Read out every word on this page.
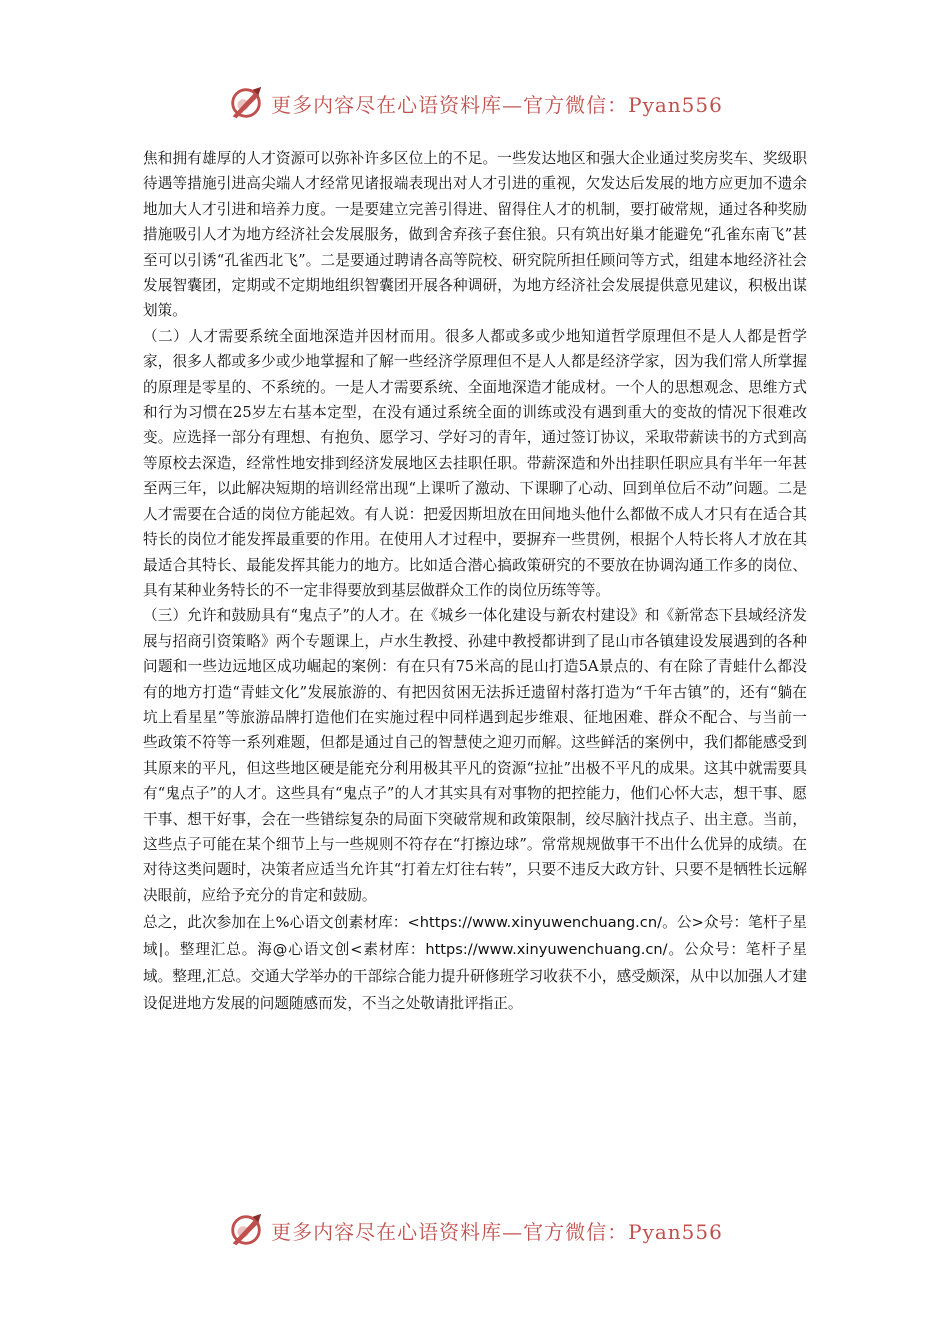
更多内容尽在心语资料库—官方微信：Pyan556

焦和拥有雄厚的人才资源可以弥补许多区位上的不足。一些发达地区和强大企业通过奖房奖车、奖级职待遇等措施引进高尖端人才经常见诸报端表现出对人才引进的重视，欠发达后发展的地方应更加不遗余地加大人才引进和培养力度。一是要建立完善引得进、留得住人才的机制，要打破常规，通过各种奖励措施吸引人才为地方经济社会发展服务，做到舍弃孩子套住狼。只有筑出好巢才能避免“孔雀东南飞”甚至可以引诱“孔雀西北飞”。二是要通过聘请各高等院校、研究院所担任顾问等方式，组建本地经济社会发展智囊团，定期或不定期地组织智囊团开展各种调研，为地方经济社会发展提供意见建议，积极出谋划策。

（二）人才需要系统全面地深造并因材而用。很多人都或多或少地知道哲学原理但不是人人都是哲学家，很多人都或多少或少地掌握和了解一些经济学原理但不是人人都是经济学家，因为我们常人所掌握的原理是零星的、不系统的。一是人才需要系统、全面地深造才能成材。一个人的思想观念、思维方式和行为习惯在25岁左右基本定型，在没有通过系统全面的训练或没有遇到重大的变故的情况下很难改变。应选择一部分有理想、有抱负、愿学习、学好习的青年，通过签订协议，采取带薪读书的方式到高等原校去深造，经常性地安排到经济发展地区去挂职任职。带薪深造和外出挂职任职应具有半年一年甚至两三年，以此解决短期的培训经常出现“上课听了激动、下课聊了心动、回到单位后不动”问题。二是人才需要在合适的岗位方能起效。有人说：把爱因斯坦放在田间地头他什么都做不成人才只有在适合其特长的岗位才能发挥最重要的作用。在使用人才过程中，要摒弃一些贯例，根据个人特长将人才放在其最适合其特长、最能发挥其能力的地方。比如适合潜心搞政策研究的不要放在协调沟通工作多的岗位、具有某种业务特长的不一定非得要放到基层做群众工作的岗位历练等等。

（三）允许和鼓励具有“鬼点子”的人才。在《城乡一体化建设与新农村建设》和《新常态下县域经济发展与招商引资策略》两个专题课上，卢水生教授、孙建中教授都讲到了昆山市各镇建设发展遇到的各种问题和一些边远地区成功崛起的案例：有在只有75米高的昆山打造5A景点的、有在除了青蛙什么都没有的地方打造“青蛙文化”发展旅游的、有把因贫困无法拆迁遗留村落打造为“千年古镇”的，还有“躺在坑上看星星”等旅游品牌打造他们在实施过程中同样遇到起步维艰、征地困难、群众不配合、与当前一些政策不符等一系列难题，但都是通过自己的智慧使之迎刃而解。这些鲜活的案例中，我们都能感受到其原来的平凡，但这些地区硬是能充分利用极其平凡的资源“拉扯”出极不平凡的成果。这其中就需要具有“鬼点子”的人才。这些具有“鬼点子”的人才其实具有对事物的把控能力，他们心怀大志，想干事、愿干事、想干好事，会在一些错综复杂的局面下突破常规和政策限制，绞尽脑汁找点子、出主意。当前，这些点子可能在某个细节上与一些规则不符存在“打擦边球”。常常规规做事干不出什么优异的成绩。在对待这类问题时，决策者应适当允许其“打着左灯往右转”，只要不违反大政方针、只要不是牺牲长远解决眼前，应给予充分的肯定和鼓励。

总之，此次参加在上%心语文创素材库：<https://www.xinyuwenchuang.cn/。公>众号：笔杆子星域|。整理汇总。海@心语文创<素材库：https://www.xinyuwenchuang.cn/。公众号：笔杆子星域。整理,汇总。交通大学举办的干部综合能力提升研修班学习收获不小，感受颇深，从中以加强人才建设促进地方发展的问题随感而发，不当之处敬请批评指正。

更多内容尽在心语资料库—官方微信：Pyan556
